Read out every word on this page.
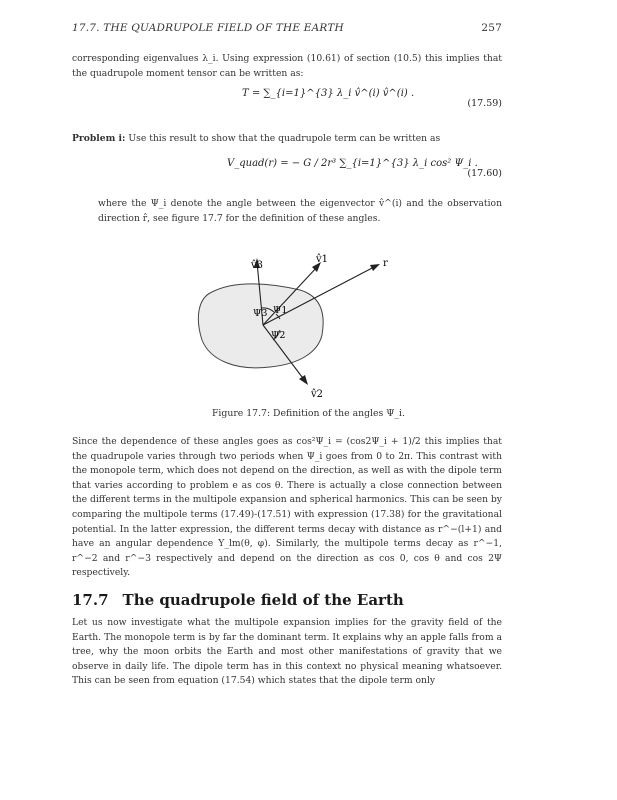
17.7. THE QUADRUPOLE FIELD OF THE EARTH	257
corresponding eigenvalues λ_i. Using expression (10.61) of section (10.5) this implies that the quadrupole moment tensor can be written as:
T = ∑_{i=1}^{3} λ_i v̂^(i) v̂^(i) .
(17.59)
Problem i: Use this result to show that the quadrupole term can be written as
V_quad(r) = − G / 2r³ ∑_{i=1}^{3} λ_i cos² Ψ_i .
(17.60)
where the Ψ_i denote the angle between the eigenvector v̂^(i) and the observation direction r̂, see figure 17.7 for the definition of these angles.
v̂3
v̂1	r
v̂2
Ψ3 Ψ1
Ψ2
Figure 17.7: Definition of the angles Ψ_i.
Since the dependence of these angles goes as cos²Ψ_i = (cos2Ψ_i + 1)/2 this implies that the quadrupole varies through two periods when Ψ_i goes from 0 to 2π. This contrast with the monopole term, which does not depend on the direction, as well as with the dipole term that varies according to problem e as cos θ. There is actually a close connection between the different terms in the multipole expansion and spherical harmonics. This can be seen by comparing the multipole terms (17.49)-(17.51) with expression (17.38) for the gravitational potential. In the latter expression, the different terms decay with distance as r^−(l+1) and have an angular dependence Y_lm(θ, φ). Similarly, the multipole terms decay as r^−1, r^−2 and r^−3 respectively and depend on the direction as cos 0, cos θ and cos 2Ψ respectively.
17.7 The quadrupole field of the Earth
Let us now investigate what the multipole expansion implies for the gravity field of the Earth. The monopole term is by far the dominant term. It explains why an apple falls from a tree, why the moon orbits the Earth and most other manifestations of gravity that we observe in daily life. The dipole term has in this context no physical meaning whatsoever. This can be seen from equation (17.54) which states that the dipole term only
